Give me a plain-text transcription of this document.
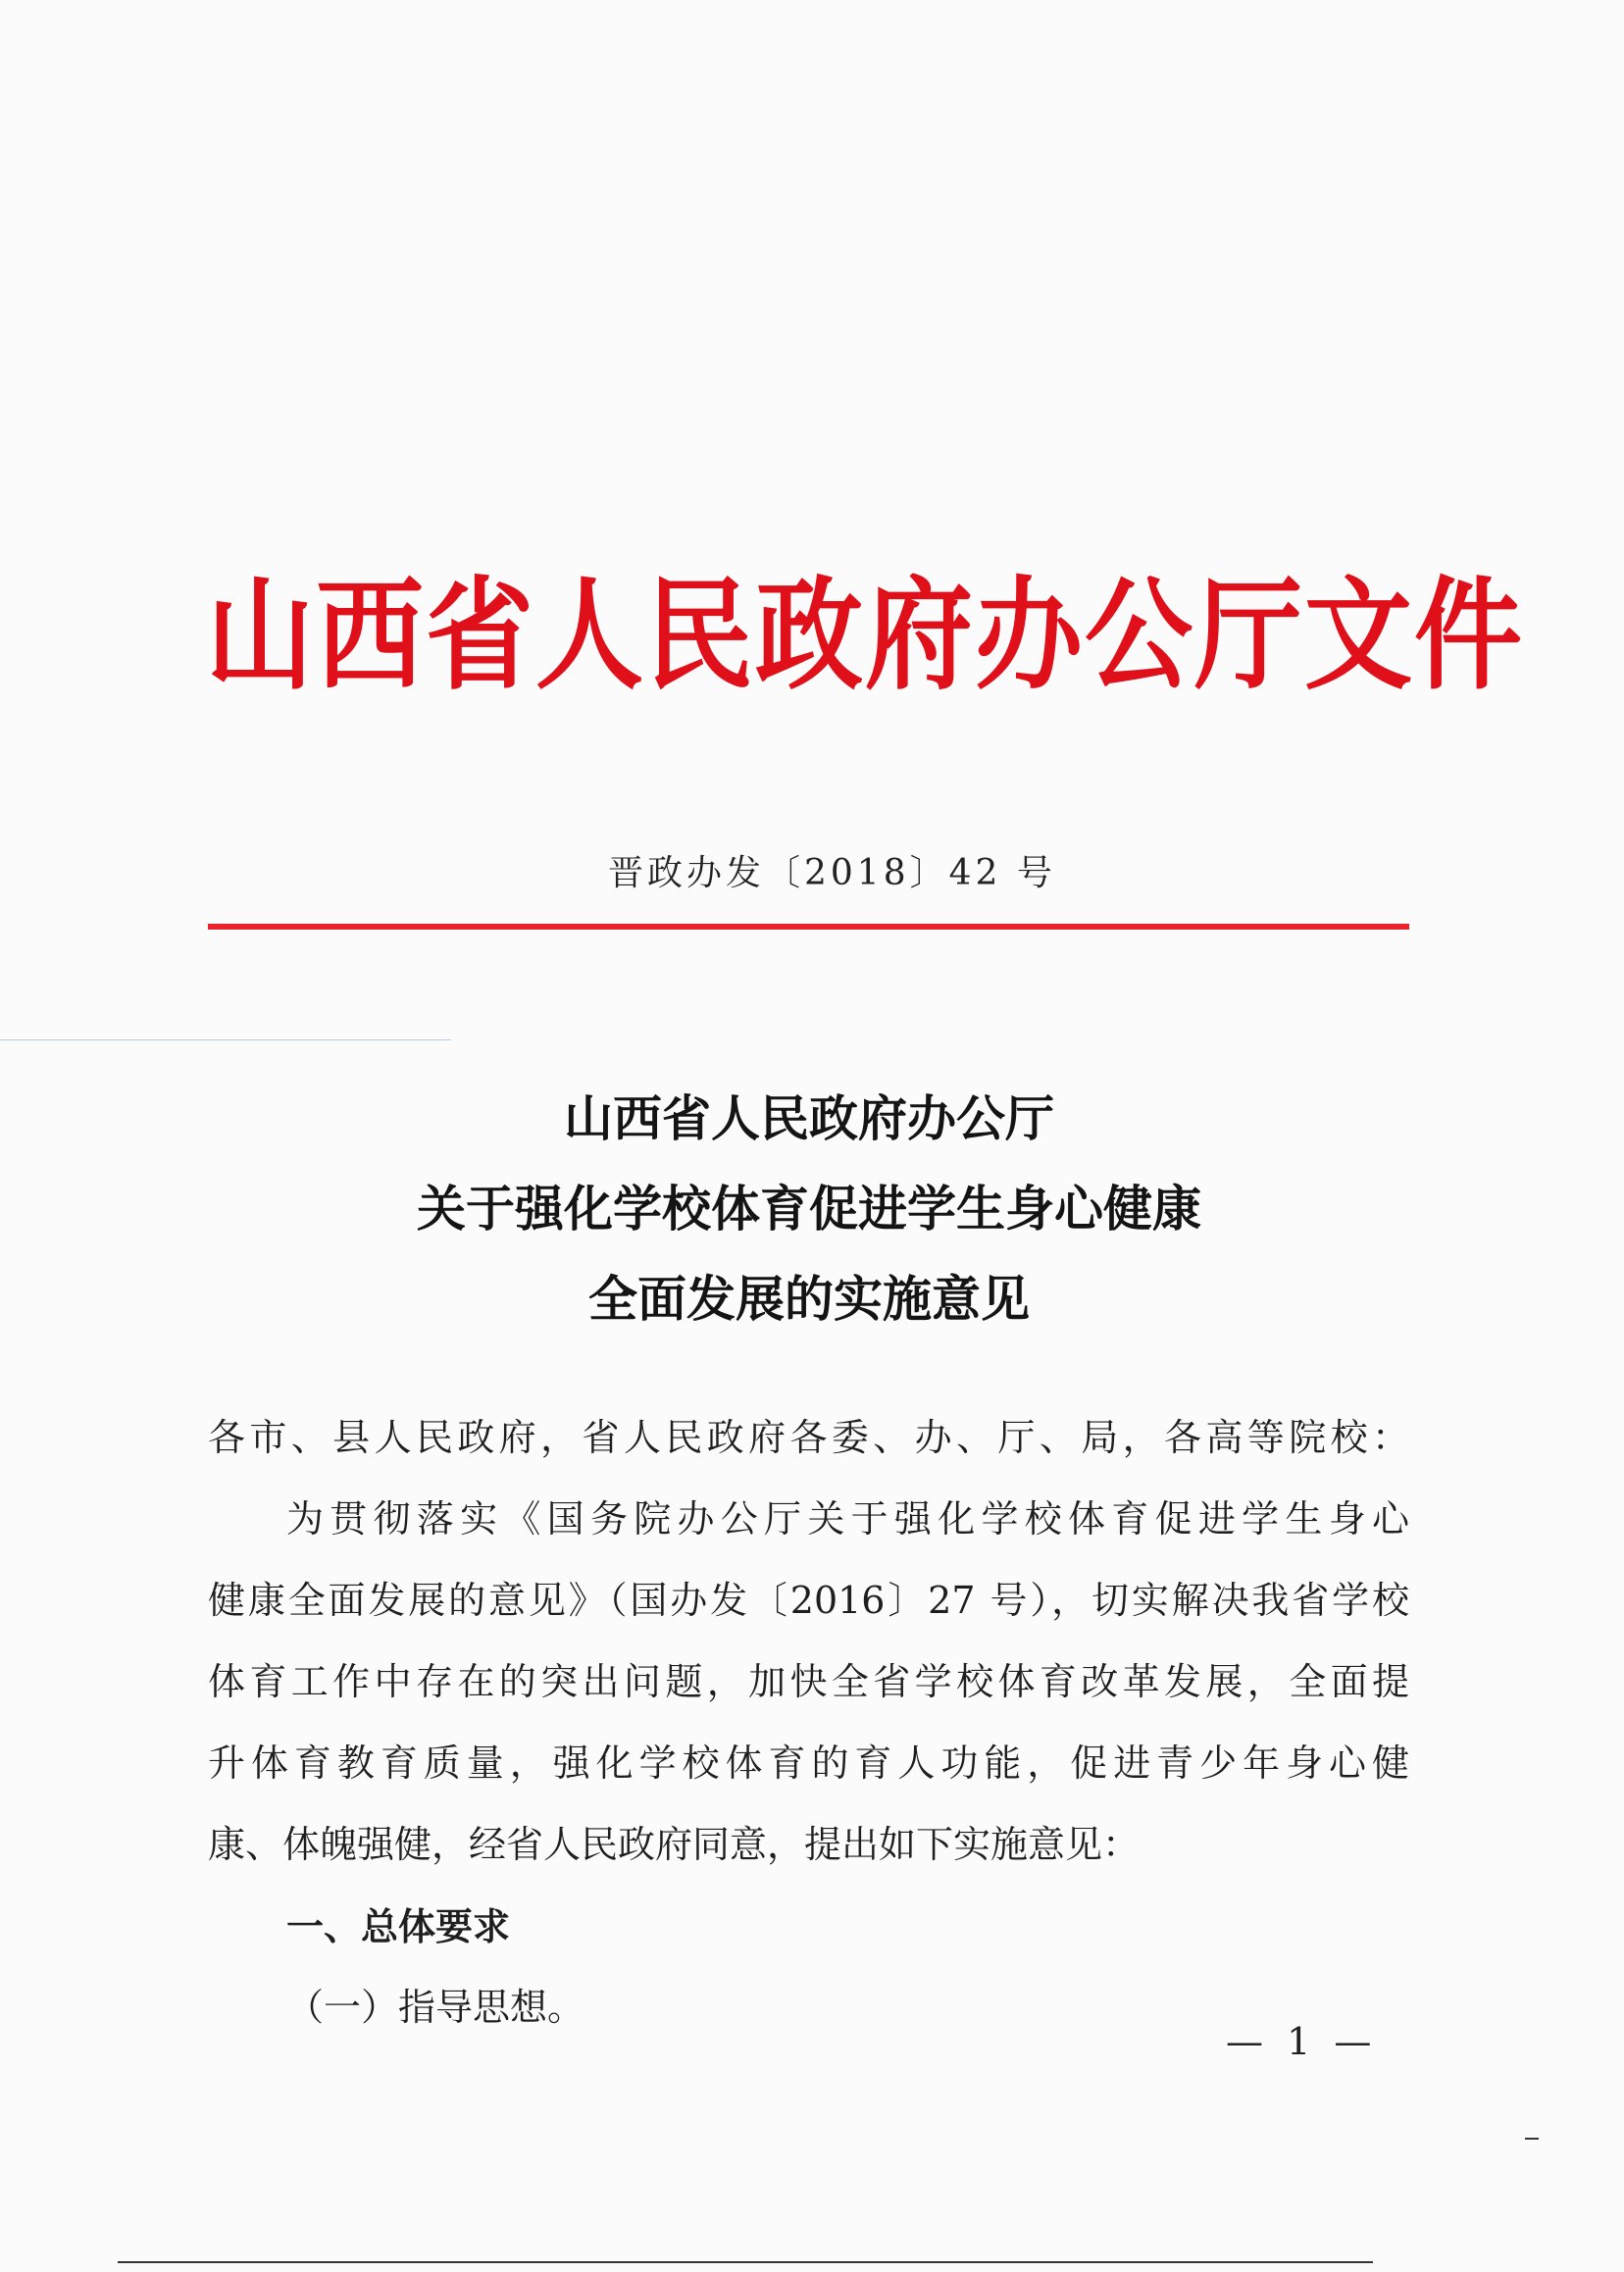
山西省人民政府办公厅文件
晋政办发〔2018〕42 号
山西省人民政府办公厅
关于强化学校体育促进学生身心健康
全面发展的实施意见
各市、县人民政府，省人民政府各委、办、厅、局，各高等院校：
为贯彻落实《国务院办公厅关于强化学校体育促进学生身心
健康全面发展的意见》（国办发〔2016〕27 号），切实解决我省学校
体育工作中存在的突出问题，加快全省学校体育改革发展，全面提
升体育教育质量，强化学校体育的育人功能，促进青少年身心健
康、体魄强健，经省人民政府同意，提出如下实施意见：
一、总体要求
（一）指导思想。
— 1 —
